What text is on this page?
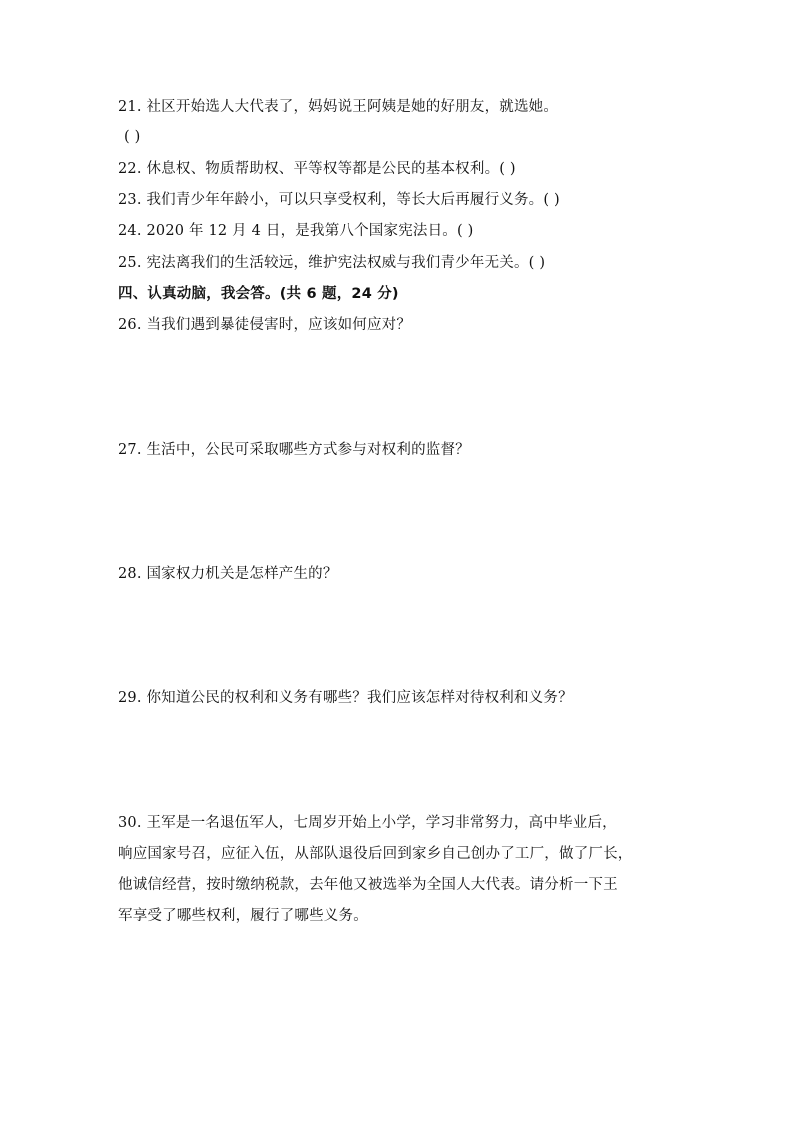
21. 社区开始选人大代表了，妈妈说王阿姨是她的好朋友，就选她。
( )
22. 休息权、物质帮助权、平等权等都是公民的基本权利。( )
23. 我们青少年年龄小，可以只享受权利，等长大后再履行义务。( )
24. 2020 年 12 月 4 日，是我第八个国家宪法日。( )
25. 宪法离我们的生活较远，维护宪法权威与我们青少年无关。( )
四、认真动脑，我会答。(共 6 题，24 分)
26. 当我们遇到暴徒侵害时，应该如何应对？
27. 生活中，公民可采取哪些方式参与对权利的监督？
28. 国家权力机关是怎样产生的？
29. 你知道公民的权利和义务有哪些？我们应该怎样对待权利和义务？
30. 王军是一名退伍军人，七周岁开始上小学，学习非常努力，高中毕业后，
响应国家号召，应征入伍，从部队退役后回到家乡自己创办了工厂，做了厂长，
他诚信经营，按时缴纳税款，去年他又被选举为全国人大代表。请分析一下王
军享受了哪些权利，履行了哪些义务。
